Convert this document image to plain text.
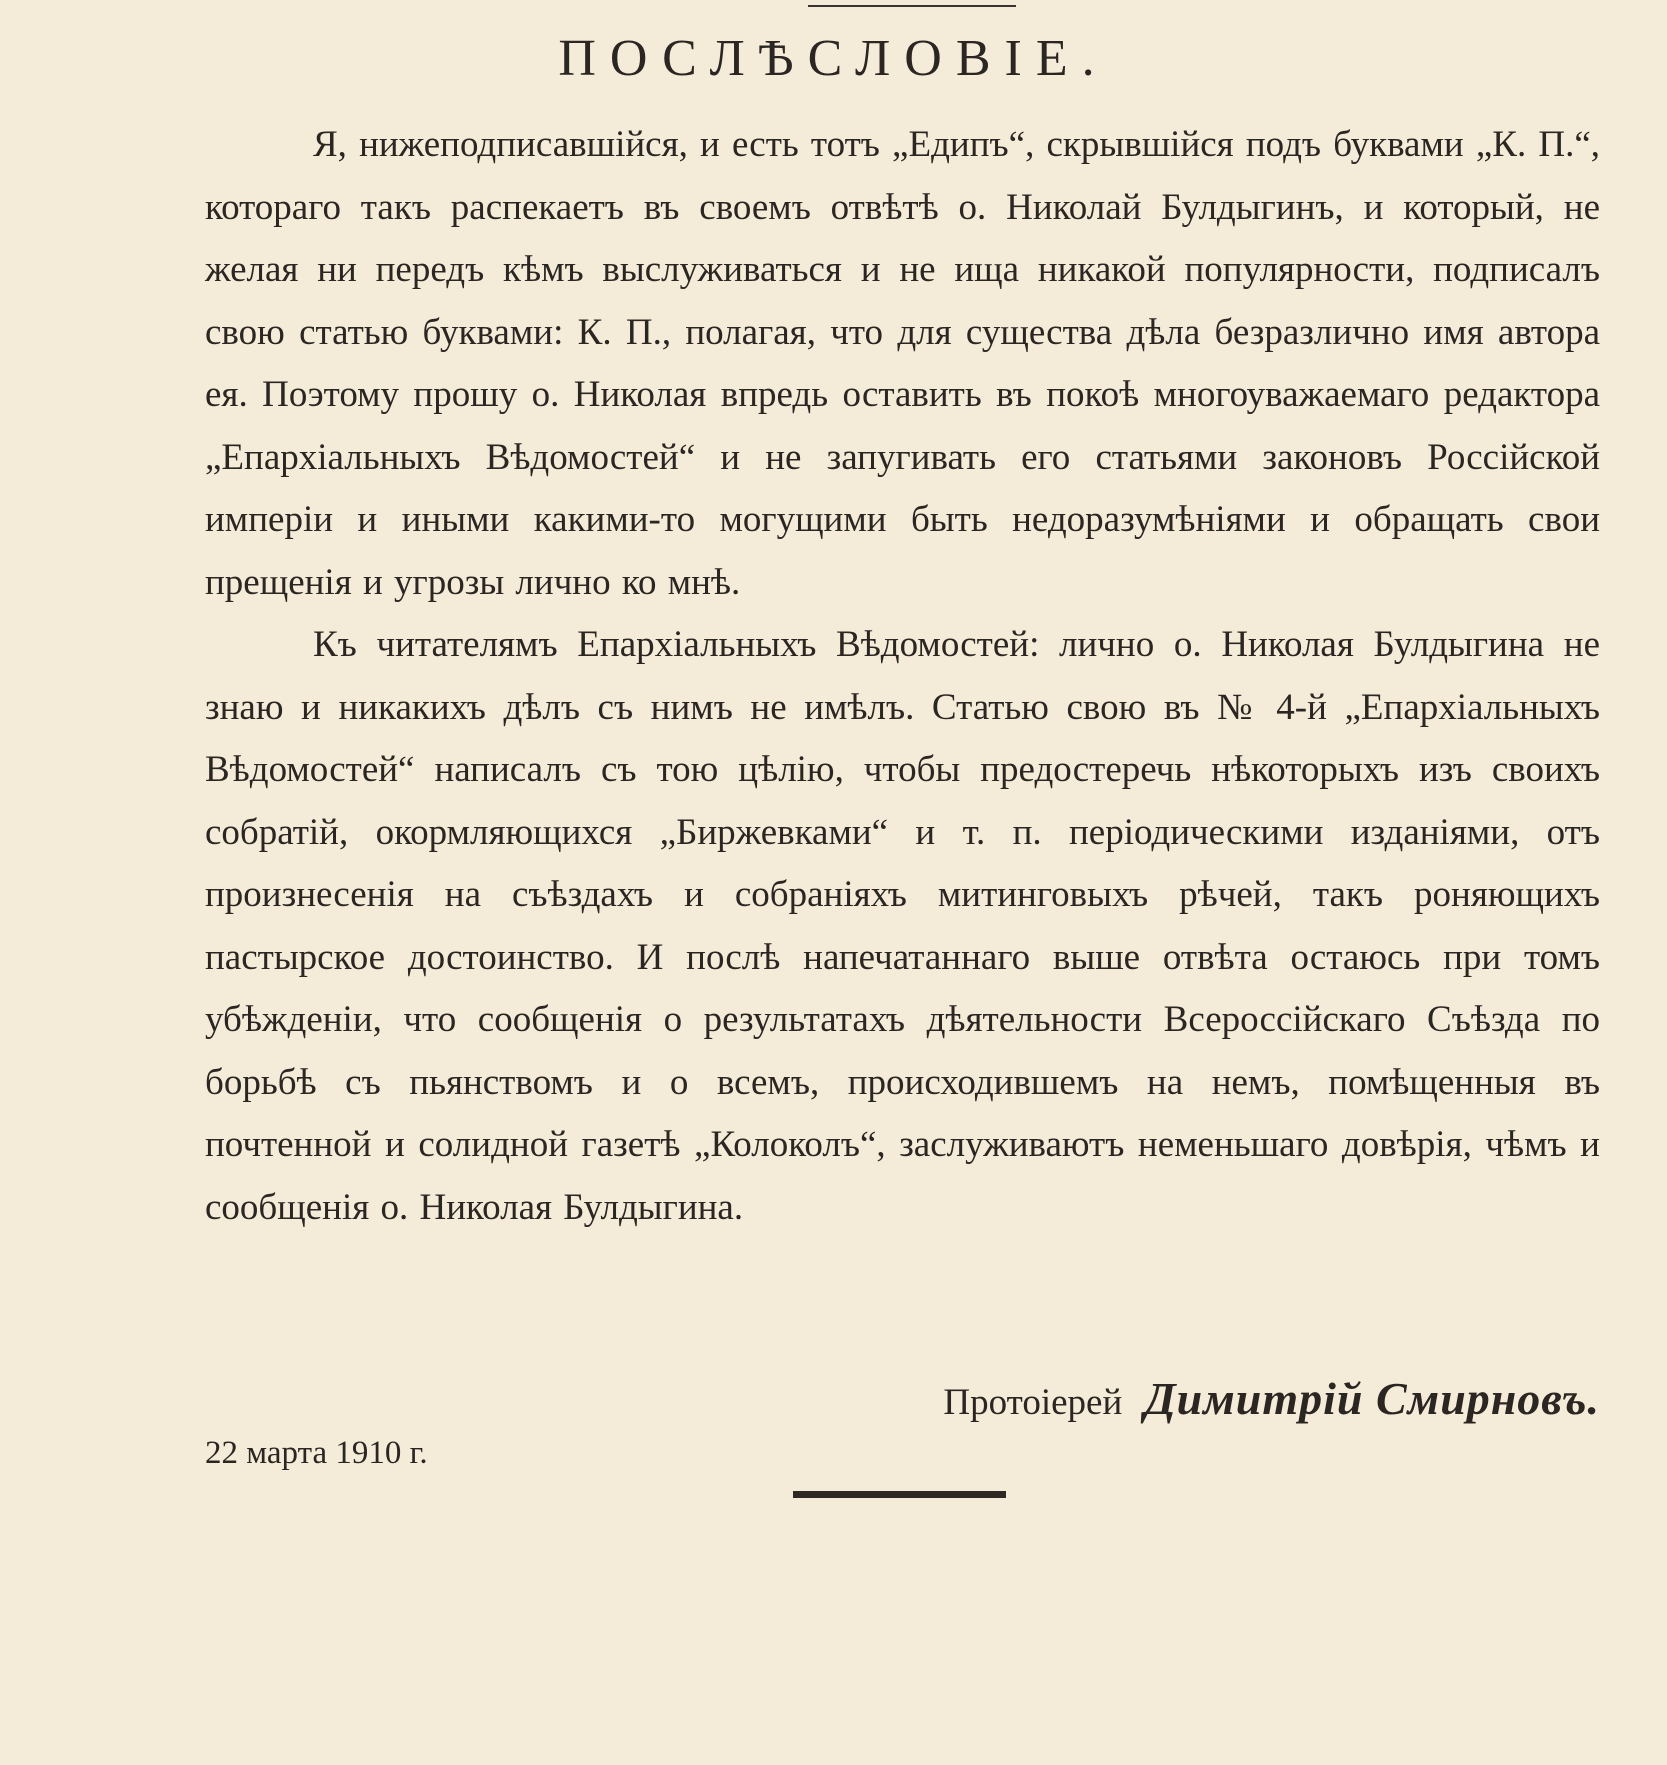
ПОСЛѢСЛОВІЕ.

Я, нижеподписавшійся, и есть тотъ „Едипъ“, скрывшійся подъ буквами „К. П.“, котораго такъ распекаетъ въ своемъ отвѣтѣ о. Николай Булдыгинъ, и который, не желая ни передъ кѣмъ выслуживаться и не ища никакой популярности, подписалъ свою статью буквами: К. П., полагая, что для существа дѣла безразлично имя автора ея. Поэтому прошу о. Николая впредь оставить въ покоѣ многоуважаемаго редактора „Епархіальныхъ Вѣдомостей“ и не запугивать его статьями законовъ Россійской имперіи и иными какими-то могущими быть недоразумѣніями и обращать свои прещенія и угрозы лично ко мнѣ.

Къ читателямъ Епархіальныхъ Вѣдомостей: лично о. Николая Булдыгина не знаю и никакихъ дѣлъ съ нимъ не имѣлъ. Статью свою въ № 4-й „Епархіальныхъ Вѣдомостей“ написалъ съ тою цѣлію, чтобы предостеречь нѣкоторыхъ изъ своихъ собратій, окормляющихся „Биржевками“ и т. п. періодическими изданіями, отъ произнесенія на съѣздахъ и собраніяхъ митинговыхъ рѣчей, такъ роняющихъ пастырское достоинство. И послѣ напечатаннаго выше отвѣта остаюсь при томъ убѣжденіи, что сообщенія о результатахъ дѣятельности Всероссійскаго Съѣзда по борьбѣ съ пьянствомъ и о всемъ, происходившемъ на немъ, помѣщенныя въ почтенной и солидной газетѣ „Колоколъ“, заслуживаютъ неменьшаго довѣрія, чѣмъ и сообщенія о. Николая Булдыгина.

Протоіерей Димитрій Смирновъ.
22 марта 1910 г.
